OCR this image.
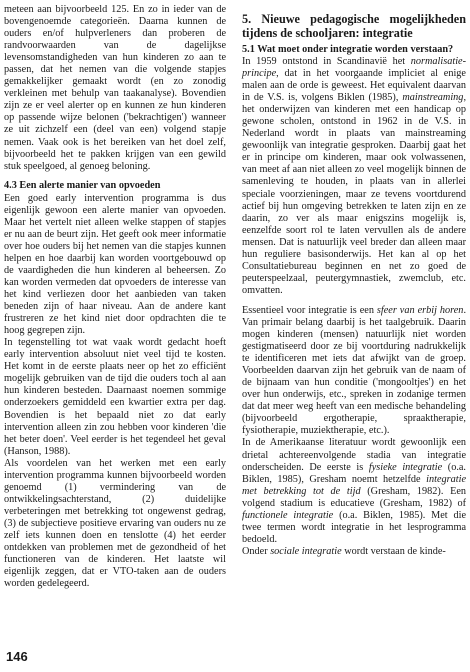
meteen aan bijvoorbeeld 125. En zo in ieder van de bovengenoemde categorieën. Daarna kunnen de ouders en/of hulpverleners dan proberen de randvoorwaarden van de dagelijkse levensomstandigheden van hun kinderen zo aan te passen, dat het nemen van die volgende stapjes gemakkelijker gemaakt wordt (en zo zonodig verkleinen met behulp van taakanalyse). Bovendien zijn ze er veel alerter op en kunnen ze hun kinderen op passende wijze belonen ('bekrachtigen') wanneer ze uit zichzelf een (deel van een) volgend stapje nemen. Vaak ook is het bereiken van het doel zelf, bijvoorbeeld het te pakken krijgen van een gewild stuk speelgoed, al genoeg beloning.

4.3 Een alerte manier van opvoeden

Een goed early intervention programma is dus eigenlijk gewoon een alerte manier van opvoeden. Maar het vertelt niet alleen welke stappen of stapjes er nu aan de beurt zijn. Het geeft ook meer informatie over hoe ouders bij het nemen van die stapjes kunnen helpen en hoe daarbij kan worden voortgebouwd op de vaardigheden die hun kinderen al beheersen. Zo kan worden vermeden dat opvoeders de interesse van het kind verliezen door het aanbieden van taken beneden zijn of haar niveau. Aan de andere kant frustreren ze het kind niet door opdrachten die te hoog gegrepen zijn.

In tegenstelling tot wat vaak wordt gedacht hoeft early intervention absoluut niet veel tijd te kosten. Het komt in de eerste plaats neer op het zo efficiënt mogelijk gebruiken van de tijd die ouders toch al aan hun kinderen besteden. Daarnaast noemen sommige onderzoekers gemiddeld een kwartier extra per dag. Bovendien is het bepaald niet zo dat early intervention alleen zin zou hebben voor kinderen 'die het beter doen'. Veel eerder is het tegendeel het geval (Hanson, 1988).

Als voordelen van het werken met een early intervention programma kunnen bijvoorbeeld worden genoemd (1) vermindering van de ontwikkelingsachterstand, (2) duidelijke verbeteringen met betrekking tot ongewenst gedrag, (3) de subjectieve positieve ervaring van ouders nu ze zelf iets kunnen doen en tenslotte (4) het eerder ontdekken van problemen met de gezondheid of het functioneren van de kinderen. Het laatste wil eigenlijk zeggen, dat er VTO-taken aan de ouders worden gedelegeerd.

5. Nieuwe pedagogische mogelijkheden tijdens de schooljaren: integratie
5.1 Wat moet onder integratie worden verstaan?

In 1959 ontstond in Scandinavië het normalisatie-principe, dat in het voorgaande impliciet al enige malen aan de orde is geweest. Het equivalent daarvan in de V.S. is, volgens Biklen (1985), mainstreaming, het onderwijzen van kinderen met een handicap op gewone scholen, ontstond in 1962 in de V.S. in Nederland wordt in plaats van mainstreaming gewoonlijk van integratie gesproken. Daarbij gaat het er in principe om kinderen, maar ook volwassenen, van meet af aan niet alleen zo veel mogelijk binnen de samenleving te houden, in plaats van in allerlei speciale voorzieningen, maar ze tevens voortdurend actief bij hun omgeving betrekken te laten zijn en ze daarin, zo ver als maar enigszins mogelijk is, eenzelfde soort rol te laten vervullen als de andere mensen. Dat is natuurlijk veel breder dan alleen maar hun reguliere basisonderwijs. Het kan al op het Consultatiebureau beginnen en net zo goed de peuterspeelzaal, peutergymnastiek, zwemclub, etc. omvatten.

Essentieel voor integratie is een sfeer van erbij horen. Van primair belang daarbij is het taalgebruik. Daarin mogen kinderen (mensen) natuurlijk niet worden gestigmatiseerd door ze bij voortduring nadrukkelijk te identificeren met iets dat afwijkt van de groep. Voorbeelden daarvan zijn het gebruik van de naam of de bijnaam van hun conditie ('mongooltjes') en het over hun onderwijs, etc., spreken in zodanige termen dat dat meer weg heeft van een medische behandeling (bijvoorbeeld ergotherapie, spraaktherapie, fysiotherapie, muziektherapie, etc.).

In de Amerikaanse literatuur wordt gewoonlijk een drietal achtereenvolgende stadia van integratie onderscheiden. De eerste is fysieke integratie (o.a. Biklen, 1985), Gresham noemt hetzelfde integratie met betrekking tot de tijd (Gresham, 1982). Een volgend stadium is educatieve (Gresham, 1982) of functionele integratie (o.a. Biklen, 1985). Met die twee termen wordt integratie in het lesprogramma bedoeld.

Onder sociale integratie wordt verstaan de kinde-

146
